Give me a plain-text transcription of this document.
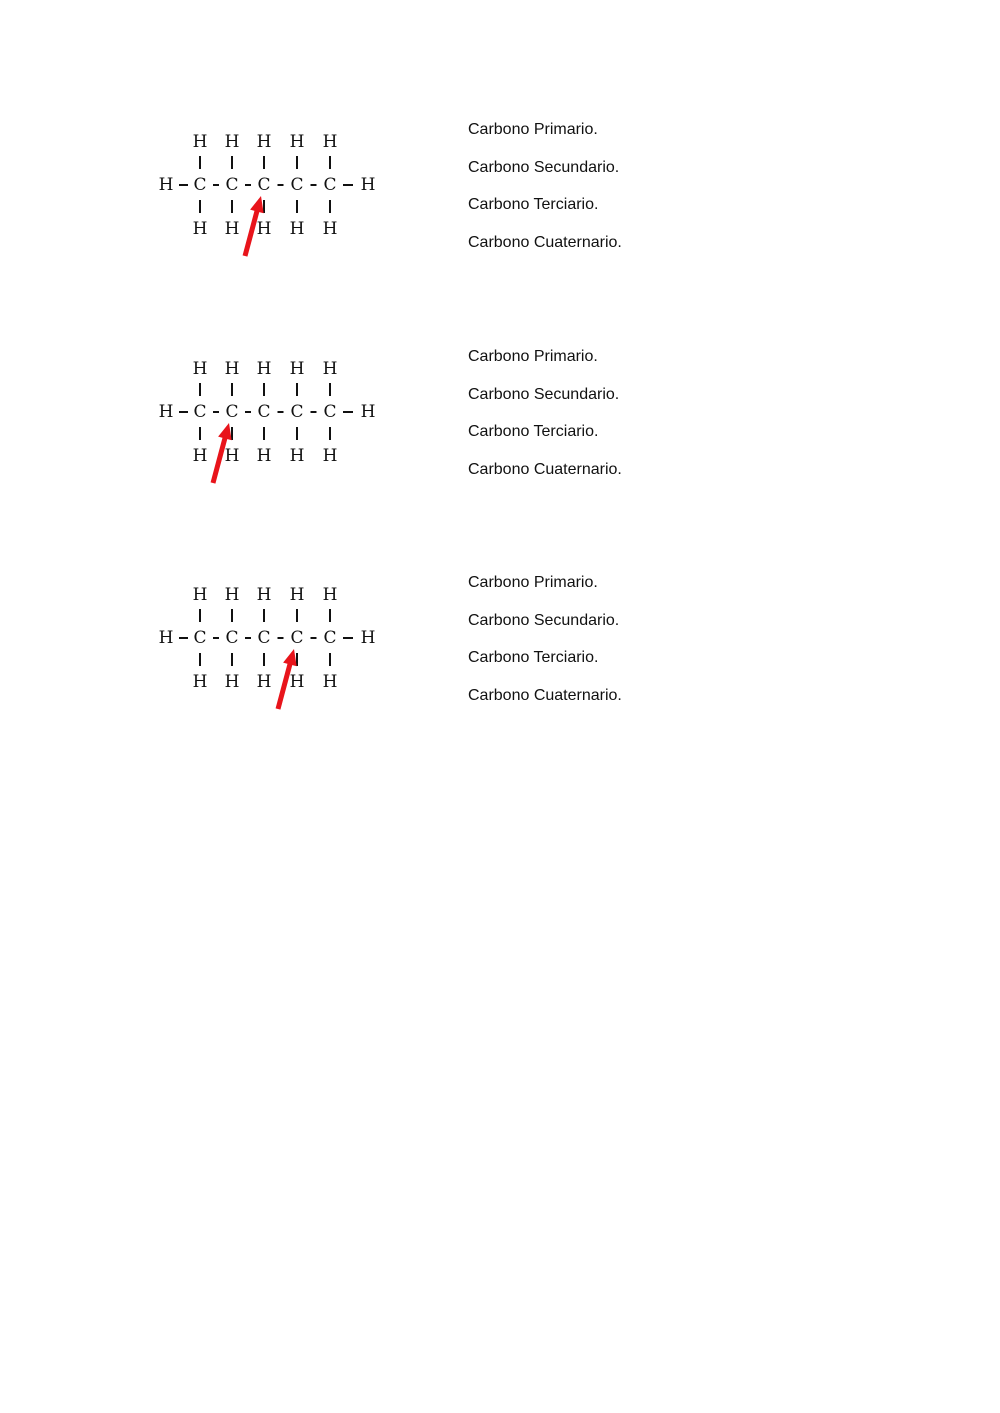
H	H
C
H
H
C
H
H
C
H
H
C
H
H
C
H
H
Carbono Primario.
Carbono Secundario.
Carbono Terciario.
Carbono Cuaternario.
H	H
C
H
H
C
H
H
C
H
H
C
H
H
C
H
H
Carbono Primario.
Carbono Secundario.
Carbono Terciario.
Carbono Cuaternario.
H	H
C
H
H
C
H
H
C
H
H
C
H
H
C
H
H
Carbono Primario.
Carbono Secundario.
Carbono Terciario.
Carbono Cuaternario.
